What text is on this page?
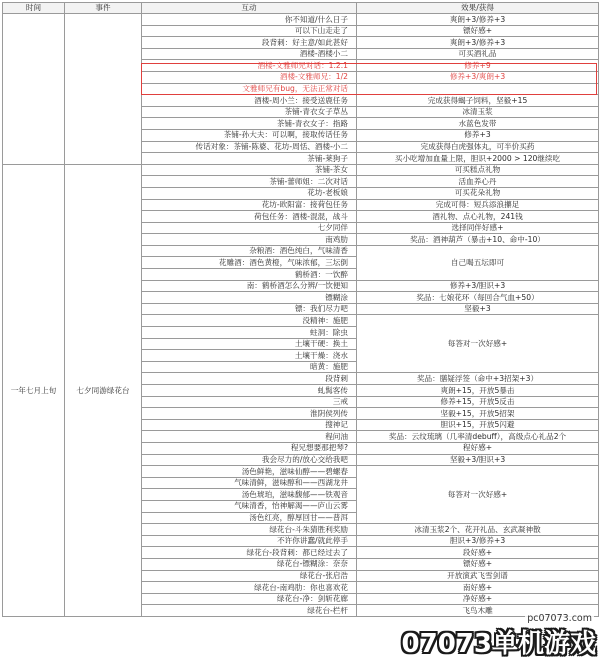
时间	事件	互动	效果/获得
		你不知道/什么日子	爽朗+3/修养+3
		可以下山走走了	镖好感+
		段背刺：好主意/如此甚好	爽朗+3/修养+3
		酒楼-酒楼小二	可买酒礼品
		酒楼-文雅师兄对话：1.2.1	修养+9
		酒楼-文雅师兄：1/2	修养+3/爽朗+3
		文雅师兄有bug，无法正常对话	
		酒楼-周小兰：接受送鹿任务	完成获得蝎子饲料，坚毅+15
		茶铺-青衣女子草丛	冰清玉浆
		茶铺-青衣女子：指路	水蓝色发带
		茶铺-孙大夫：可以啊，接取传话任务	修养+3
		传话对象：茶铺-陈婆、花坊-周恬、酒楼-小二	完成获得白虎强体丸，可半价买药
		茶铺-莱狗子	买小吃增加血量上限，胆识+2000 > 120继续吃
一年七月上旬	七夕同游绿花台	茶铺-茶女	可买糕点礼物
		茶铺-蕾师姐：二次对话	活血养心丹
		花坊-老板娘	可买花朵礼物
		花坊-欧阳富：接荷包任务	完成可得：短兵添浪攥足
		荷包任务：酒楼-混混，战斗	酒礼物、点心礼物，241钱
		七夕同伴	选择同伴好感+
		南鸡肋	奖品：酒神葫芦（暴击+10、命中-10）
		杂粮酒：酒色纯白，气味清香	自己喝五坛即可
		花雕酒：酒色黄橙，气味浓郁，三坛倒	
		鹤桥酒：一饮醉	
		南：鹤桥酒怎么分辨/一饮便知	修养+3/胆识+3
		镖糊涂	奖品：七娘花环（每回合气血+50）
		镖：我们尽力吧	坚毅+3
		没精神：施肥	每答对一次好感+
		蛀洞：除虫	
		土壤干硬：换土	
		土壤干燥：浇水	
		暗黄：施肥	
		段背刺	奖品：膳疑浮签（命中+3招架+3）
		虬髯客传	爽朗+15，开放5暴击
		三戒	修养+15，开放5反击
		淮阴侯列传	坚毅+15，开放5招架
		搜神记	胆识+15，开放5闪避
		程问油	奖品：云纹琉璃（几率清debuff），高级点心礼品2个
		程兄想要那把琴?	程好感+
		我会尽力的/放心交给我吧	坚毅+3/胆识+3
		汤色鲜艳，滋味仙醇——碧螺春	每答对一次好感+
		气味清鲜，滋味醇和——西湖龙井	
		汤色琥珀，滋味馥郁——铁观音	
		气味清香，怡神解渴——庐山云雾	
		汤色红亮，醇厚回甘——普洱	
		绿花台-斗朱猜胜利奖励	冰清玉浆2个、花开礼品、玄武凝神散
		不许你讲蠢/就此停手	胆识+3/修养+3
		绿花台-段背刺：都已经过去了	段好感+
		绿花台-镖糊涂：奈奈	镖好感+
		绿花台-张启浩	开放演武飞雪剑谱
		绿花台-南鸡肋：你也喜欢花	南好感+
		绿花台-净：剑斩花廊	净好感+
		绿花台-栏杆	飞鸟木雕
pc07073.com
07073单机游戏
